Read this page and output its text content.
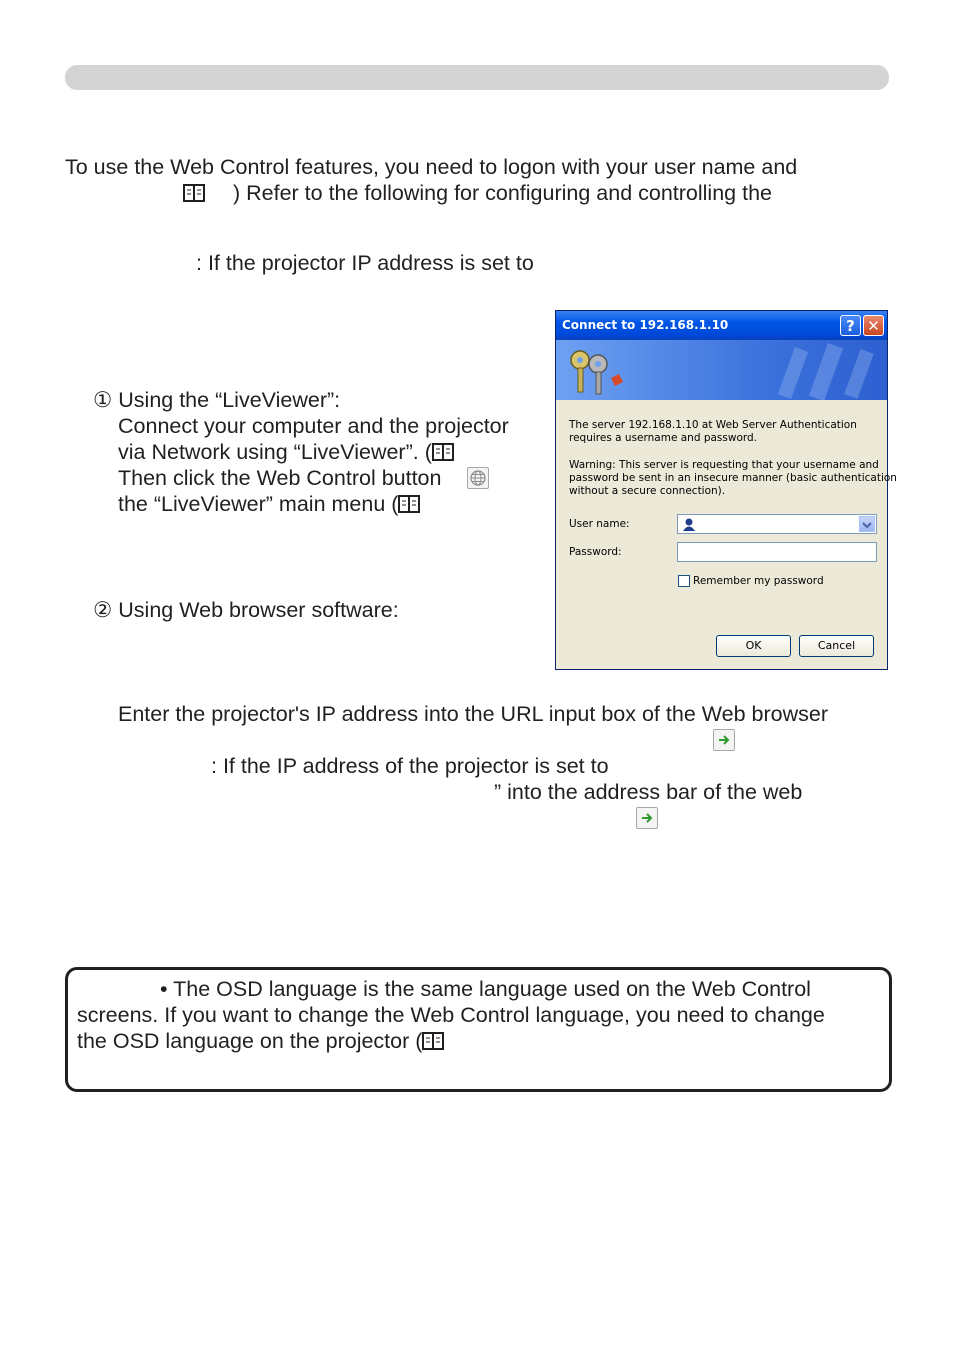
To use the Web Control features, you need to logon with your user name and
) Refer to the following for configuring and controlling the
: If the projector IP address is set to
① Using the “LiveViewer”:
Connect your computer and the projector
via Network using “LiveViewer”. (
Then click the Web Control button
the “LiveViewer” main menu (
② Using Web browser software:
Enter the projector's IP address into the URL input box of the Web browser
: If the IP address of the projector is set to
” into the address bar of the web
Connect to 192.168.1.10	? ✕
The server 192.168.1.10 at Web Server Authentication
requires a username and password.
Warning: This server is requesting that your username and
password be sent in an insecure manner (basic authentication
without a secure connection).
User name:
Password:
Remember my password
OK	Cancel
• The OSD language is the same language used on the Web Control
screens. If you want to change the Web Control language, you need to change
the OSD language on the projector (
